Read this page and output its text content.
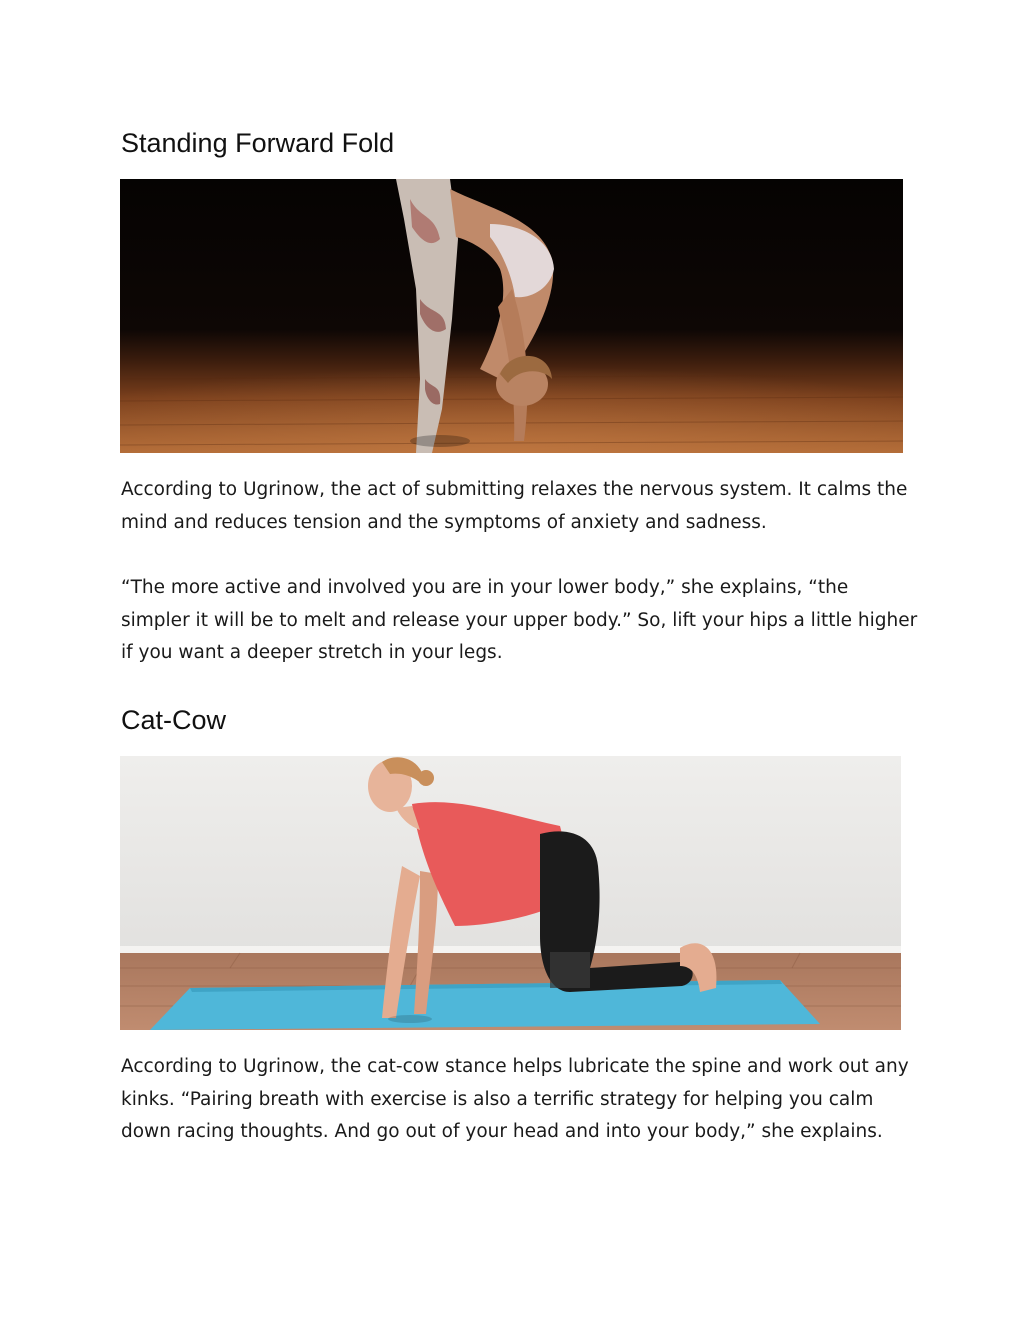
Standing Forward Fold

According to Ugrinow, the act of submitting relaxes the nervous system. It calms the mind and reduces tension and the symptoms of anxiety and sadness.

“The more active and involved you are in your lower body,” she explains, “the simpler it will be to melt and release your upper body.” So, lift your hips a little higher if you want a deeper stretch in your legs.

Cat-Cow

According to Ugrinow, the cat-cow stance helps lubricate the spine and work out any kinks. “Pairing breath with exercise is also a terrific strategy for helping you calm down racing thoughts. And go out of your head and into your body,” she explains.
